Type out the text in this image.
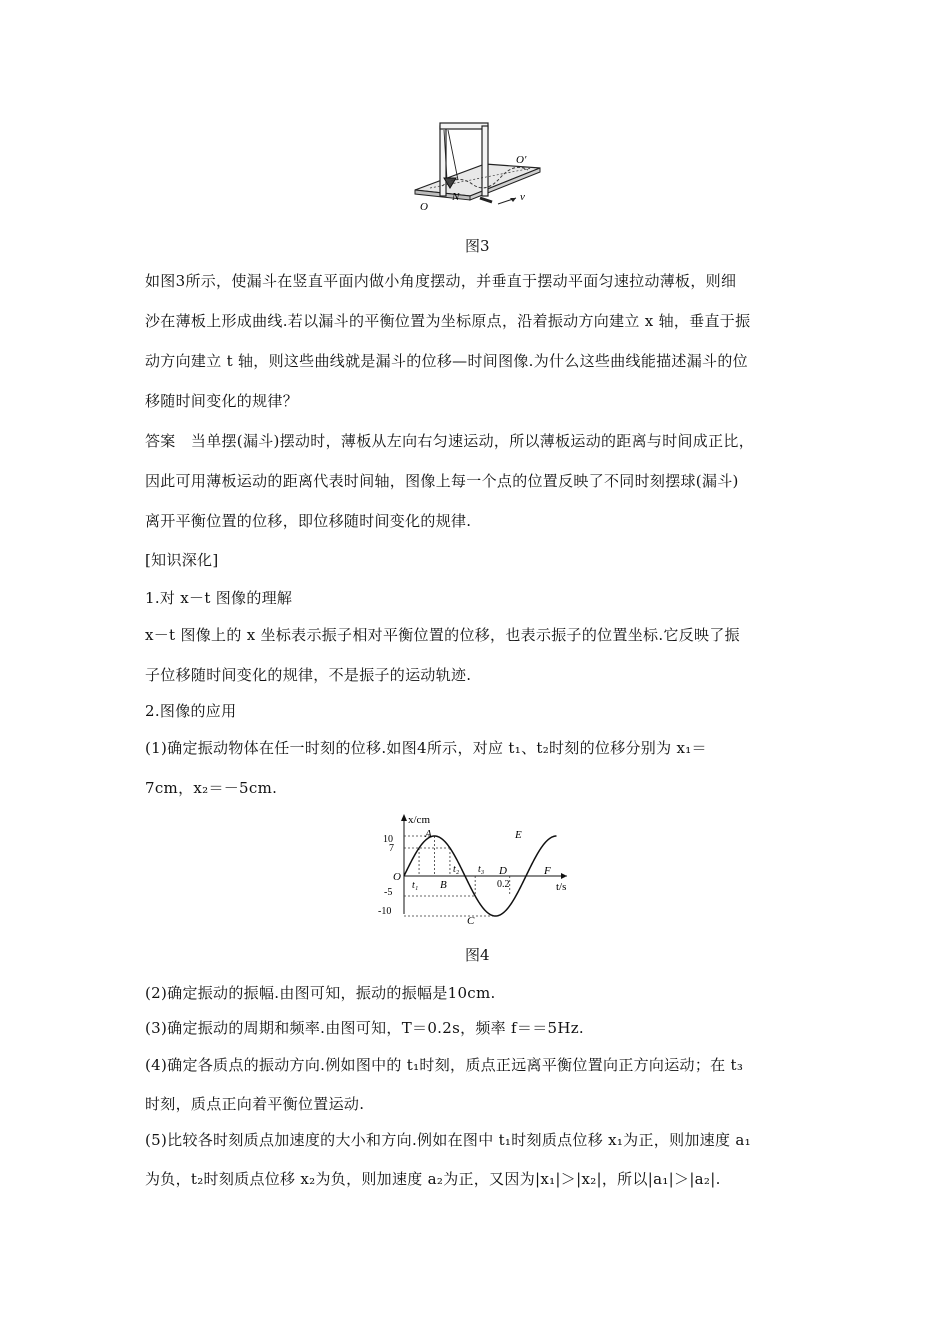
O
O′
N	v
图3
如图3所示，使漏斗在竖直平面内做小角度摆动，并垂直于摆动平面匀速拉动薄板，则细
沙在薄板上形成曲线.若以漏斗的平衡位置为坐标原点，沿着振动方向建立 x 轴，垂直于振
动方向建立 t 轴，则这些曲线就是漏斗的位移—时间图像.为什么这些曲线能描述漏斗的位
移随时间变化的规律？
答案　当单摆(漏斗)摆动时，薄板从左向右匀速运动，所以薄板运动的距离与时间成正比，
因此可用薄板运动的距离代表时间轴，图像上每一个点的位置反映了不同时刻摆球(漏斗)
离开平衡位置的位移，即位移随时间变化的规律.
[知识深化]
1.对 x－t 图像的理解
x－t 图像上的 x 坐标表示振子相对平衡位置的位移，也表示振子的位置坐标.它反映了振
子位移随时间变化的规律，不是振子的运动轨迹.
2.图像的应用
(1)确定振动物体在任一时刻的位移.如图4所示，对应 t₁、t₂时刻的位移分别为 x₁＝
7cm，x₂＝－5cm.
x/cm
t/s
O
10
7
-5
-10
0.2
A
B
C
D
E
F
t₁
t₂ t₃
图4
(2)确定振动的振幅.由图可知，振动的振幅是10cm.
(3)确定振动的周期和频率.由图可知，T＝0.2s，频率 f＝＝5Hz.
(4)确定各质点的振动方向.例如图中的 t₁时刻，质点正远离平衡位置向正方向运动；在 t₃
时刻，质点正向着平衡位置运动.
(5)比较各时刻质点加速度的大小和方向.例如在图中 t₁时刻质点位移 x₁为正，则加速度 a₁
为负，t₂时刻质点位移 x₂为负，则加速度 a₂为正，又因为|x₁|＞|x₂|，所以|a₁|＞|a₂|.
